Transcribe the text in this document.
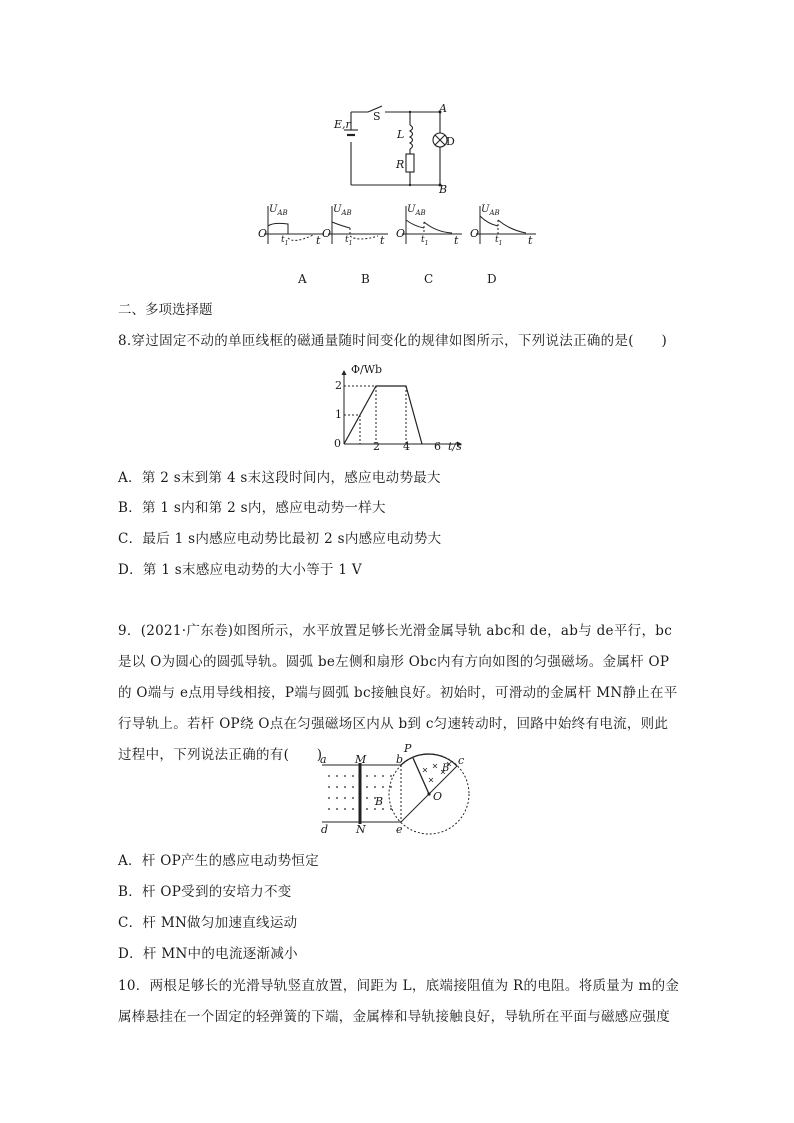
E,r
S
L
R
D
A
B
$U_{AB}$	$U_{AB}$	$U_{AB}$	$U_{AB}$
O	O	O	O
t	t	t	t
$t_1$	$t_1$	$t_1$	$t_1$
A	B	C	D
二、多项选择题
8.穿过固定不动的单匝线框的磁通量随时间变化的规律如图所示，下列说法正确的是(　　)
Φ/Wb
t/s
0
1
2
2 4 6
A．第 2 s末到第 4 s末这段时间内，感应电动势最大
B．第 1 s内和第 2 s内，感应电动势一样大
C．最后 1 s内感应电动势比最初 2 s内感应电动势大
D．第 1 s末感应电动势的大小等于 1 V
9．(2021·广东卷)如图所示，水平放置足够长光滑金属导轨 abc和 de，ab与 de平行，bc
是以 O为圆心的圆弧导轨。圆弧 be左侧和扇形 Obc内有方向如图的匀强磁场。金属杆 OP
的 O端与 e点用导线相接，P端与圆弧 bc接触良好。初始时，可滑动的金属杆 MN静止在平
行导轨上。若杆 OP绕 O点在匀强磁场区内从 b到 c匀速转动时，回路中始终有电流，则此
过程中，下列说法正确的有(　　)
a	M	b
P
c
B
B	O
d	N	e
A．杆 OP产生的感应电动势恒定
B．杆 OP受到的安培力不变
C．杆 MN做匀加速直线运动
D．杆 MN中的电流逐渐减小
10．两根足够长的光滑导轨竖直放置，间距为 L，底端接阻值为 R的电阻。将质量为 m的金
属棒悬挂在一个固定的轻弹簧的下端，金属棒和导轨接触良好，导轨所在平面与磁感应强度
